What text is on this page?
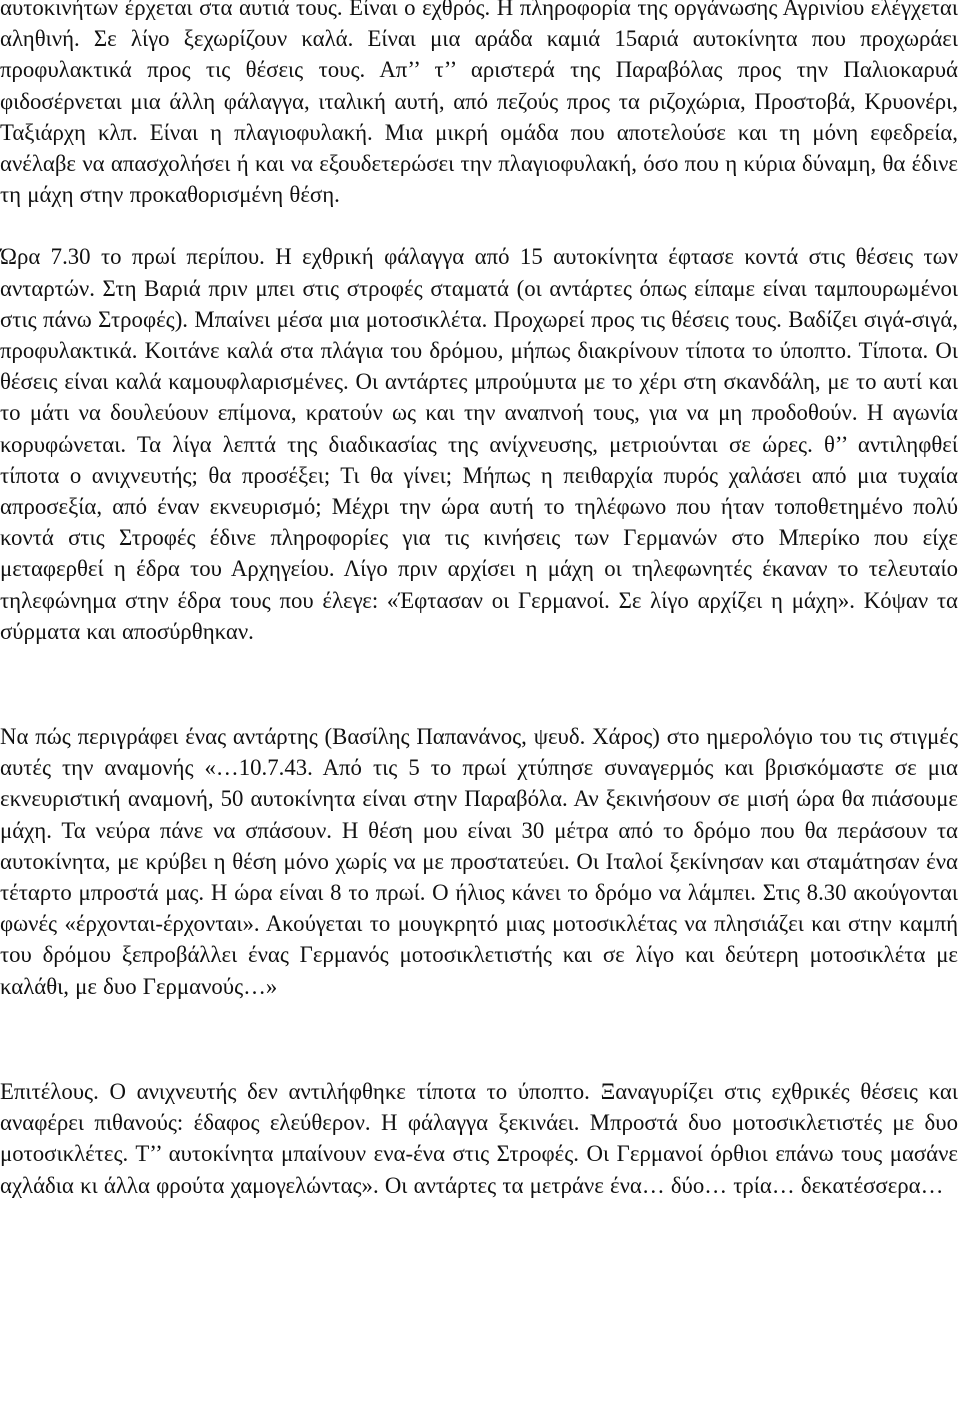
αυτοκινήτων έρχεται στα αυτιά τους. Είναι ο εχθρός. Η πληροφορία της οργάνωσης Αγρινίου ελέγχεται αληθινή. Σε λίγο ξεχωρίζουν καλά. Είναι μια αράδα καμιά 15αριά αυτοκίνητα που προχωράει προφυλακτικά προς τις θέσεις τους. Απ’’ τ’’ αριστερά της Παραβόλας προς την Παλιοκαρυά φιδοσέρνεται μια άλλη φάλαγγα, ιταλική αυτή, από πεζούς προς τα ριζοχώρια, Προστοβά, Κρυονέρι, Ταξιάρχη κλπ. Είναι η πλαγιοφυλακή. Μια μικρή ομάδα που αποτελούσε και τη μόνη εφεδρεία, ανέλαβε να απασχολήσει ή και να εξουδετερώσει την πλαγιοφυλακή, όσο που η κύρια δύναμη, θα έδινε τη μάχη στην προκαθορισμένη θέση.

Ώρα 7.30 το πρωί περίπου. Η εχθρική φάλαγγα από 15 αυτοκίνητα έφτασε κοντά στις θέσεις των ανταρτών. Στη Βαριά πριν μπει στις στροφές σταματά (οι αντάρτες όπως είπαμε είναι ταμπουρωμένοι στις πάνω Στροφές). Μπαίνει μέσα μια μοτοσικλέτα. Προχωρεί προς τις θέσεις τους. Βαδίζει σιγά-σιγά, προφυλακτικά. Κοιτάνε καλά στα πλάγια του δρόμου, μήπως διακρίνουν τίποτα το ύποπτο. Τίποτα. Οι θέσεις είναι καλά καμουφλαρισμένες. Οι αντάρτες μπρούμυτα με το χέρι στη σκανδάλη, με το αυτί και το μάτι να δουλεύουν επίμονα, κρατούν ως και την αναπνοή τους, για να μη προδοθούν. Η αγωνία κορυφώνεται. Τα λίγα λεπτά της διαδικασίας της ανίχνευσης, μετριούνται σε ώρες. θ’’ αντιληφθεί τίποτα ο ανιχνευτής; θα προσέξει; Τι θα γίνει; Μήπως η πειθαρχία πυρός χαλάσει από μια τυχαία απροσεξία, από έναν εκνευρισμό; Μέχρι την ώρα αυτή το τηλέφωνο που ήταν τοποθετημένο πολύ κοντά στις Στροφές έδινε πληροφορίες για τις κινήσεις των Γερμανών στο Μπερίκο που είχε μεταφερθεί η έδρα του Αρχηγείου. Λίγο πριν αρχίσει η μάχη οι τηλεφωνητές έκαναν το τελευταίο τηλεφώνημα στην έδρα τους που έλεγε: «Έφτασαν οι Γερμανοί. Σε λίγο αρχίζει η μάχη». Κόψαν τα σύρματα και αποσύρθηκαν.

Να πώς περιγράφει ένας αντάρτης (Βασίλης Παπανάνος, ψευδ. Χάρος) στο ημερολόγιο του τις στιγμές αυτές την αναμονής «…10.7.43. Από τις 5 το πρωί χτύπησε συναγερμός και βρισκόμαστε σε μια εκνευριστική αναμονή, 50 αυτοκίνητα είναι στην Παραβόλα. Αν ξεκινήσουν σε μισή ώρα θα πιάσουμε μάχη. Τα νεύρα πάνε να σπάσουν. Η θέση μου είναι 30 μέτρα από το δρόμο που θα περάσουν τα αυτοκίνητα, με κρύβει η θέση μόνο χωρίς να με προστατεύει. Οι Ιταλοί ξεκίνησαν και σταμάτησαν ένα τέταρτο μπροστά μας. Η ώρα είναι 8 το πρωί. Ο ήλιος κάνει το δρόμο να λάμπει. Στις 8.30 ακούγονται φωνές «έρχονται-έρχονται». Ακούγεται το μουγκρητό μιας μοτοσικλέτας να πλησιάζει και στην καμπή του δρόμου ξεπροβάλλει ένας Γερμανός μοτοσικλετιστής και σε λίγο και δεύτερη μοτοσικλέτα με καλάθι, με δυο Γερμανούς…»

Επιτέλους. Ο ανιχνευτής δεν αντιλήφθηκε τίποτα το ύποπτο. Ξαναγυρίζει στις εχθρικές θέσεις και αναφέρει πιθανούς: έδαφος ελεύθερον. Η φάλαγγα ξεκινάει. Μπροστά δυο μοτοσικλετιστές με δυο μοτοσικλέτες. Τ’’ αυτοκίνητα μπαίνουν ενα-ένα στις Στροφές. Οι Γερμανοί όρθιοι επάνω τους μασάνε αχλάδια κι άλλα φρούτα χαμογελώντας». Οι αντάρτες τα μετράνε ένα… δύο… τρία… δεκατέσσερα…
